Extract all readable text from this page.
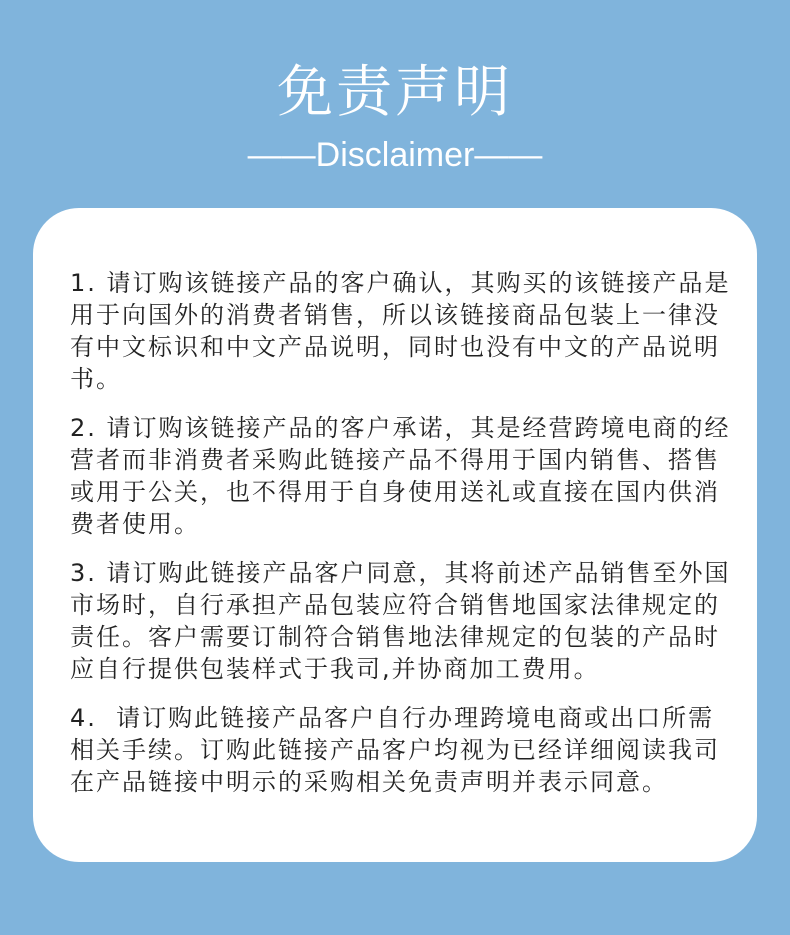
免责声明
——Disclaimer——
1. 请订购该链接产品的客户确认，其购买的该链接产品是
用于向国外的消费者销售，所以该链接商品包装上一律没
有中文标识和中文产品说明，同时也没有中文的产品说明
书。
2. 请订购该链接产品的客户承诺，其是经营跨境电商的经
营者而非消费者采购此链接产品不得用于国内销售、搭售
或用于公关，也不得用于自身使用送礼或直接在国内供消
费者使用。
3. 请订购此链接产品客户同意，其将前述产品销售至外国
市场时，自行承担产品包装应符合销售地国家法律规定的
责任。客户需要订制符合销售地法律规定的包装的产品时
应自行提供包装样式于我司,并协商加工费用。
4.  请订购此链接产品客户自行办理跨境电商或出口所需
相关手续。订购此链接产品客户均视为已经详细阅读我司
在产品链接中明示的采购相关免责声明并表示同意。
